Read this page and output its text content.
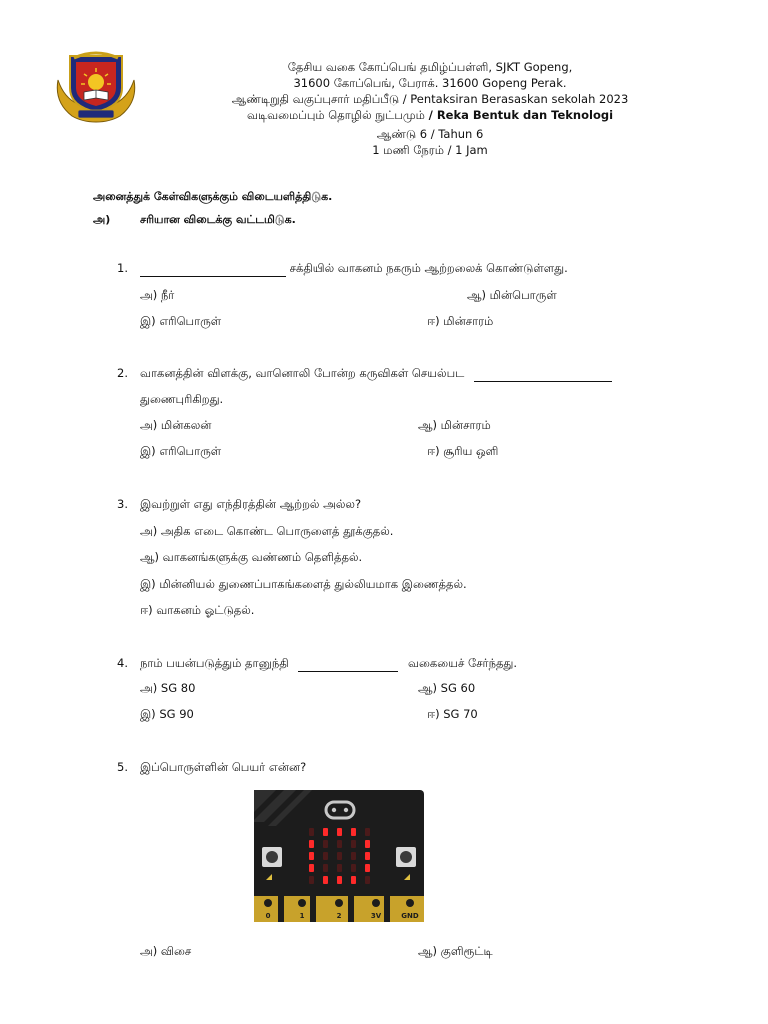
தேசிய வகை கோப்பெங் தமிழ்ப்பள்ளி, SJKT Gopeng,
31600 கோப்பெங், பேராக். 31600 Gopeng Perak.
ஆண்டிறுதி வகுப்புசார் மதிப்பீடு / Pentaksiran Berasaskan sekolah 2023
வடிவமைப்பும் தொழில் நுட்பமும் / Reka Bentuk dan Teknologi
ஆண்டு 6 / Tahun 6
1 மணி நேரம் / 1 Jam
அனைத்துக் கேள்விகளுக்கும் விடையளித்திடுக.
அ)	சரியான விடைக்கு வட்டமிடுக.
1.	சக்தியில் வாகனம் நகரும் ஆற்றலைக் கொண்டுள்ளது.
அ) நீர்	ஆ) மின்பொருள்
இ) எரிபொருள்	ஈ) மின்சாரம்
2. வாகனத்தின் விளக்கு, வானொலி போன்ற கருவிகள் செயல்பட
துணைபுரிகிறது.
அ) மின்கலன்	ஆ) மின்சாரம்
இ) எரிபொருள்	ஈ) சூரிய ஒளி
3. இவற்றுள் எது எந்திரத்தின் ஆற்றல் அல்ல?
அ) அதிக எடை கொண்ட பொருளைத் தூக்குதல்.
ஆ) வாகனங்களுக்கு வண்ணம் தெளித்தல்.
இ) மின்னியல் துணைப்பாகங்களைத் துல்லியமாக இணைத்தல்.
ஈ) வாகனம் ஓட்டுதல்.
4. நாம் பயன்படுத்தும் தானுந்தி	வகையைச் சேர்ந்தது.
அ) SG 80	ஆ) SG 60
இ) SG 90	ஈ) SG 70
5. இப்பொருள்ளின் பெயர் என்ன?
0	1	2	3V	GND
அ) விசை	ஆ) குளிரூட்டி
